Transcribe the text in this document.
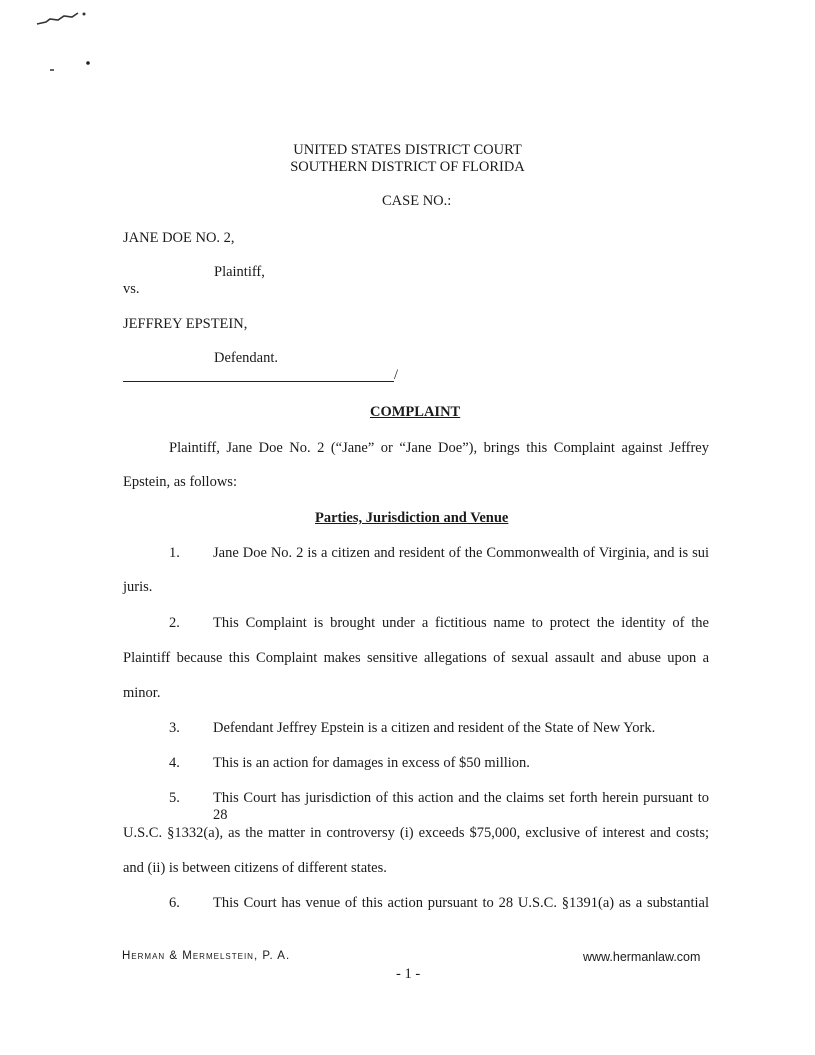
UNITED STATES DISTRICT COURT
SOUTHERN DISTRICT OF FLORIDA
CASE NO.:
JANE DOE NO. 2,
Plaintiff,
vs.
JEFFREY EPSTEIN,
Defendant.
/
COMPLAINT
Plaintiff, Jane Doe No. 2 (“Jane” or “Jane Doe”), brings this Complaint against Jeffrey
Epstein, as follows:
Parties, Jurisdiction and Venue
1. Jane Doe No. 2 is a citizen and resident of the Commonwealth of Virginia, and is sui
juris.
2. This Complaint is brought under a fictitious name to protect the identity of the
Plaintiff because this Complaint makes sensitive allegations of sexual assault and abuse upon a
minor.
3. Defendant Jeffrey Epstein is a citizen and resident of the State of New York.
4. This is an action for damages in excess of $50 million.
5. This Court has jurisdiction of this action and the claims set forth herein pursuant to 28
U.S.C. §1332(a), as the matter in controversy (i) exceeds $75,000, exclusive of interest and costs;
and (ii) is between citizens of different states.
6. This Court has venue of this action pursuant to 28 U.S.C. §1391(a) as a substantial
Herman & Mermelstein, P. A.	www.hermanlaw.com
- 1 -
